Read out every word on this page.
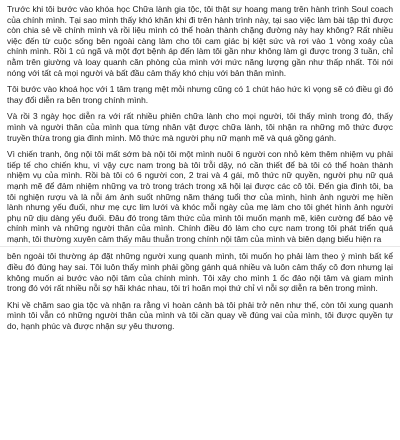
Trước khi tôi bước vào khóa học Chữa lành gia tộc, tôi thật sự hoang mang trên hành trình Soul coach của chính mình. Tại sao mình thấy khó khăn khi đi trên hành trình này, tại sao việc làm bài tập thì được còn chia sẻ về chính mình và rồi liệu mình có thể hoàn thành chặng đường này hay không? Rất nhiều việc đến từ cuộc sống bên ngoài càng làm cho tôi cam giác bị kiệt sức và rơi vào 1 vòng xoáy của chính mình. Rồi 1 cú ngã và một đợt bệnh áp đến làm tôi gần như không làm gì được trong 3 tuần, chỉ nằm trên giường và loay quanh căn phòng của mình với mức năng lượng gần như thấp nhất. Tôi nói nóng với tất cả mọi người và bất đầu cảm thấy khó chịu với bản thân mình.

Tôi bước vào khoá học với 1 tâm trạng mệt mỏi nhưng cũng có 1 chút háo hức kì vọng sẽ có điều gì đó thay đổi diễn ra bên trong chính mình.

Và rồi 3 ngày học diễn ra với rất nhiều phiên chữa lành cho mọi người, tôi thấy mình trong đó, thấy mình và người thân của mình qua từng nhân vật được chữa lành, tôi nhận ra những mô thức được truyền thừa trong gia đình mình. Mô thức mà người phụ nữ mạnh mẽ và quá gồng gánh.

Vì chiến tranh, ông nội tôi mất sớm bà nội tôi một mình nuôi 6 người con nhỏ kèm thêm nhiệm vụ phải tiếp tế cho chiến khu, vì vậy cực nam trong bà tôi trỗi dậy, nó cần thiết để bà tôi có thể hoàn thành nhiệm vụ của mình. Rồi bà tôi có 6 người con, 2 trai và 4 gái, mô thức nữ quyền, người phụ nữ quá mạnh mẽ để đảm nhiệm những va trò trong trách trong xã hội lại được các cô tôi. Đến gia đình tôi, ba tôi nghiện rượu và là nỗi ám ảnh suốt những năm tháng tuổi thơ của mình, hình ảnh người mẹ hiền lành nhưng yếu đuối, như mẹ cực lim lưới và khóc mỗi ngày của mẹ làm cho tôi ghét hình ảnh người phụ nữ dịu dàng yếu đuối. Đâu đó trong tâm thức của mình tôi muốn mạnh mẽ, kiên cường để bảo vệ chính mình và những người thân của mình. Chính điều đó làm cho cực nam trong tôi phát triển quá mạnh, tôi thường xuyên cảm thấy mâu thuẫn trong chính nội tâm của mình và biên dạng biểu hiện ra

bên ngoài tôi thường áp đặt những người xung quanh mình, tôi muốn họ phải làm theo ý mình bất kể điều đó đúng hay sai. Tôi luôn thấy mình phải gồng gánh quá nhiều và luôn cảm thấy cô đơn nhưng lại không muốn ai bước vào nội tâm của chính mình. Tôi xây cho mình 1 ốc đảo nội tâm và giam mình trong đó với rất nhiều nỗi sợ hãi khác nhau, tôi trì hoãn mọi thứ chỉ vì nỗi sợ diễn ra bên trong mình.

Khi về chăm sao gia tộc và nhận ra rằng vì hoàn cảnh bà tôi phải trở nên như thế, còn tôi xung quanh mình tôi vẫn có những người thân của mình và tôi cần quay về đúng vai của mình, tôi được quyền tự do, hạnh phúc và được nhận sự yêu thương.
